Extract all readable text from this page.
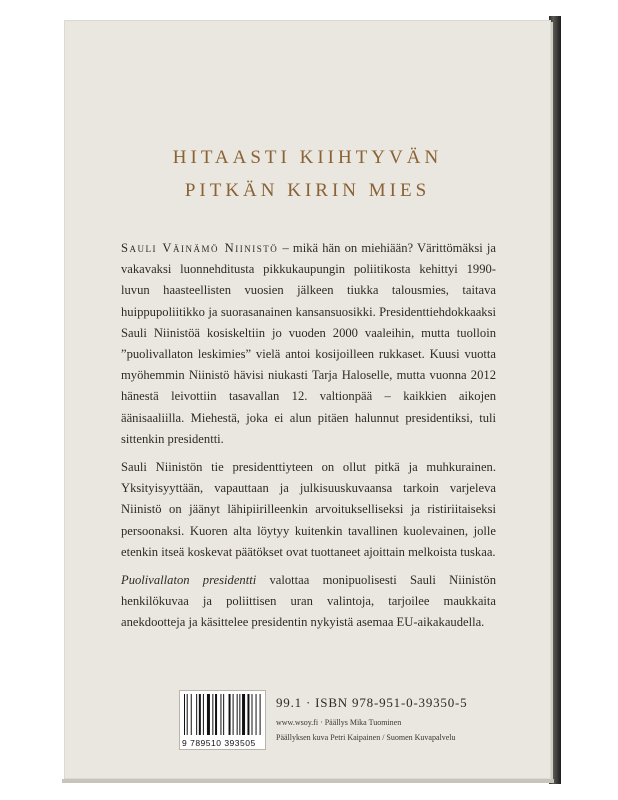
HITAASTI KIIHTYVÄN
PITKÄN KIRIN MIES

Sauli Väinämö Niinistö – mikä hän on miehiään? Värittömäksi ja vakavaksi luonnehditusta pikkukaupungin poliitikosta kehittyi 1990-luvun haasteellisten vuosien jälkeen tiukka talousmies, taitava huippupoliitikko ja suorasanainen kansansuosikki. Presidenttiehdokkaaksi Sauli Niinistöä kosiskeltiin jo vuoden 2000 vaaleihin, mutta tuolloin ”puolivallaton leskimies” vielä antoi kosijoilleen rukkaset. Kuusi vuotta myöhemmin Niinistö hävisi niukasti Tarja Haloselle, mutta vuonna 2012 hänestä leivottiin tasavallan 12. valtionpää – kaikkien aikojen äänisaaliilla. Miehestä, joka ei alun pitäen halunnut presidentiksi, tuli sittenkin presidentti.

Sauli Niinistön tie presidenttiyteen on ollut pitkä ja muhkurainen. Yksityisyyttään, vapauttaan ja julkisuuskuvaansa tarkoin varjeleva Niinistö on jäänyt lähipiirilleenkin arvoitukselliseksi ja ristiriitaiseksi persoonaksi. Kuoren alta löytyy kuitenkin tavallinen kuolevainen, jolle etenkin itseä koskevat päätökset ovat tuottaneet ajoittain melkoista tuskaa.

Puolivallaton presidentti valottaa monipuolisesti Sauli Niinistön henkilökuvaa ja poliittisen uran valintoja, tarjoilee maukkaita anekdootteja ja käsittelee presidentin nykyistä asemaa EU-aikakaudella.

9 789510 393505
99.1 · ISBN 978-951-0-39350-5
www.wsoy.fi · Päällys Mika Tuominen
Päällyksen kuva Petri Kaipainen / Suomen Kuvapalvelu
